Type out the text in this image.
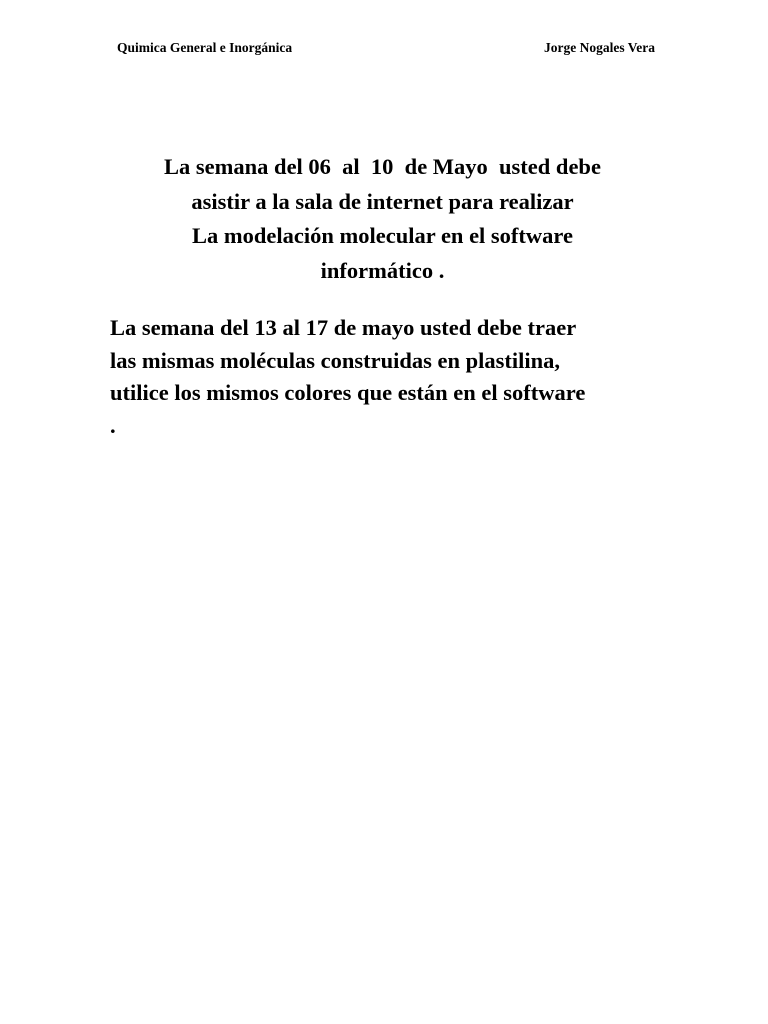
Quimica General e Inorgánica	Jorge Nogales Vera
La semana del 06  al  10  de Mayo  usted debe
asistir a la sala de internet para realizar
La modelación molecular en el software
informático .
La semana del 13 al 17 de mayo usted debe traer
las mismas moléculas construidas en plastilina,
utilice los mismos colores que están en el software
.
